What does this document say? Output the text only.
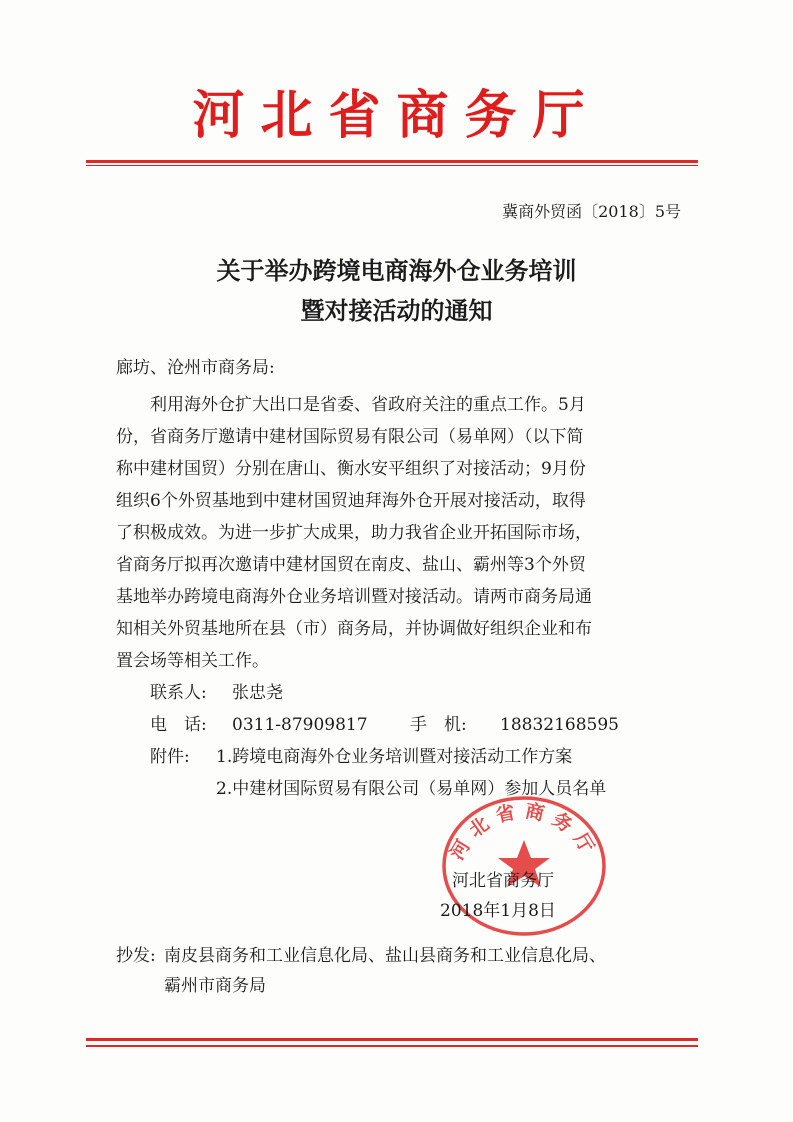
河北省商务厅
冀商外贸函〔2018〕5号
关于举办跨境电商海外仓业务培训
暨对接活动的通知
廊坊、沧州市商务局:
利用海外仓扩大出口是省委、省政府关注的重点工作。5月
份，省商务厅邀请中建材国际贸易有限公司（易单网）（以下简
称中建材国贸）分别在唐山、衡水安平组织了对接活动；9月份
组织6个外贸基地到中建材国贸迪拜海外仓开展对接活动，取得
了积极成效。为进一步扩大成果，助力我省企业开拓国际市场，
省商务厅拟再次邀请中建材国贸在南皮、盐山、霸州等3个外贸
基地举办跨境电商海外仓业务培训暨对接活动。请两市商务局通
知相关外贸基地所在县（市）商务局，并协调做好组织企业和布
置会场等相关工作。
联系人: 张忠尧
电　话: 0311-87909817 手　机: 18832168595
附件: 1.跨境电商海外仓业务培训暨对接活动工作方案
2.中建材国际贸易有限公司（易单网）参加人员名单
河北省商务厅
河北省商务厅
2018年1月8日
抄发: 南皮县商务和工业信息化局、盐山县商务和工业信息化局、
霸州市商务局
